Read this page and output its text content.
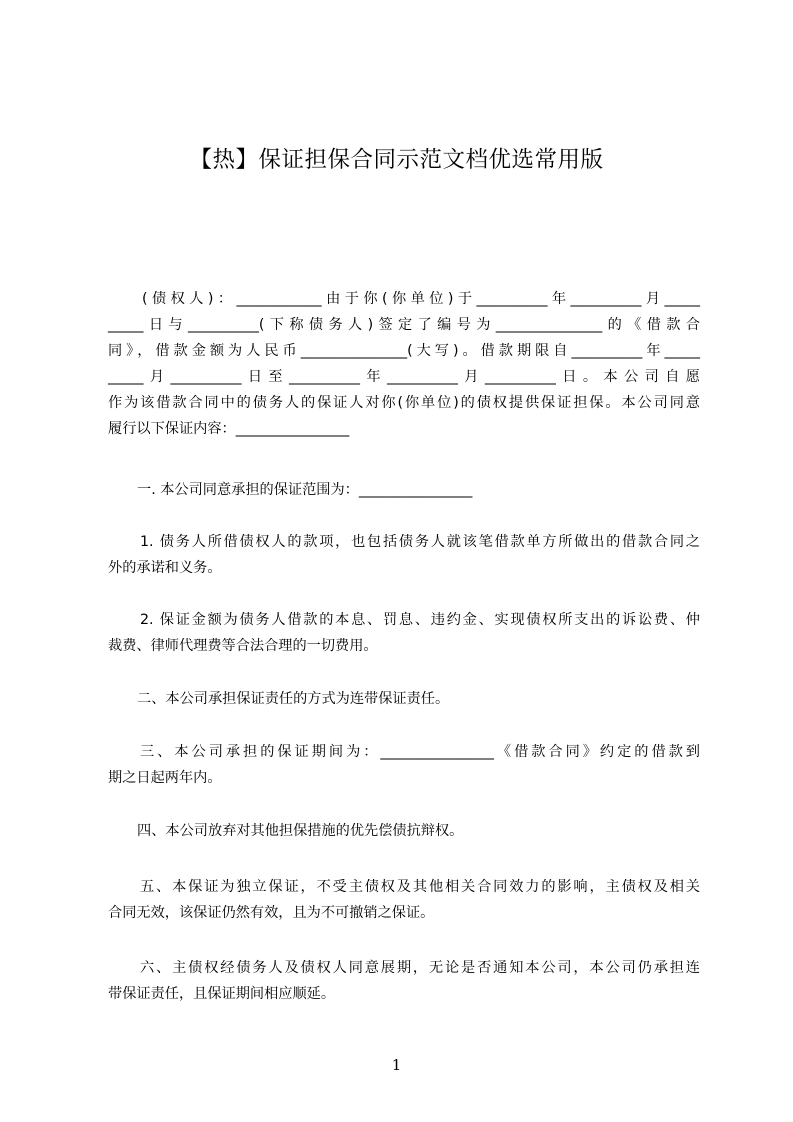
【热】保证担保合同示范文档优选常用版
(债权人)：____________由于你(你单位)于__________年__________月_____
_____日与__________(下称债务人)签定了编号为_______________的《借款合
同》，借款金额为人民币_______________(大写)。借款期限自__________年_____
_____月__________日至__________年__________月__________日。本公司自愿
作为该借款合同中的债务人的保证人对你(你单位)的债权提供保证担保。本公司同意
履行以下保证内容：________________
一. 本公司同意承担的保证范围为：________________
1. 债务人所借债权人的款项，也包括债务人就该笔借款单方所做出的借款合同之
外的承诺和义务。
2. 保证金额为债务人借款的本息、罚息、违约金、实现债权所支出的诉讼费、仲
裁费、律师代理费等合法合理的一切费用。
二、本公司承担保证责任的方式为连带保证责任。
三、本公司承担的保证期间为：________________《借款合同》约定的借款到
期之日起两年内。
四、本公司放弃对其他担保措施的优先偿债抗辩权。
五、本保证为独立保证，不受主债权及其他相关合同效力的影响，主债权及相关
合同无效，该保证仍然有效，且为不可撤销之保证。
六、主债权经债务人及债权人同意展期，无论是否通知本公司，本公司仍承担连
带保证责任，且保证期间相应顺延。
1
